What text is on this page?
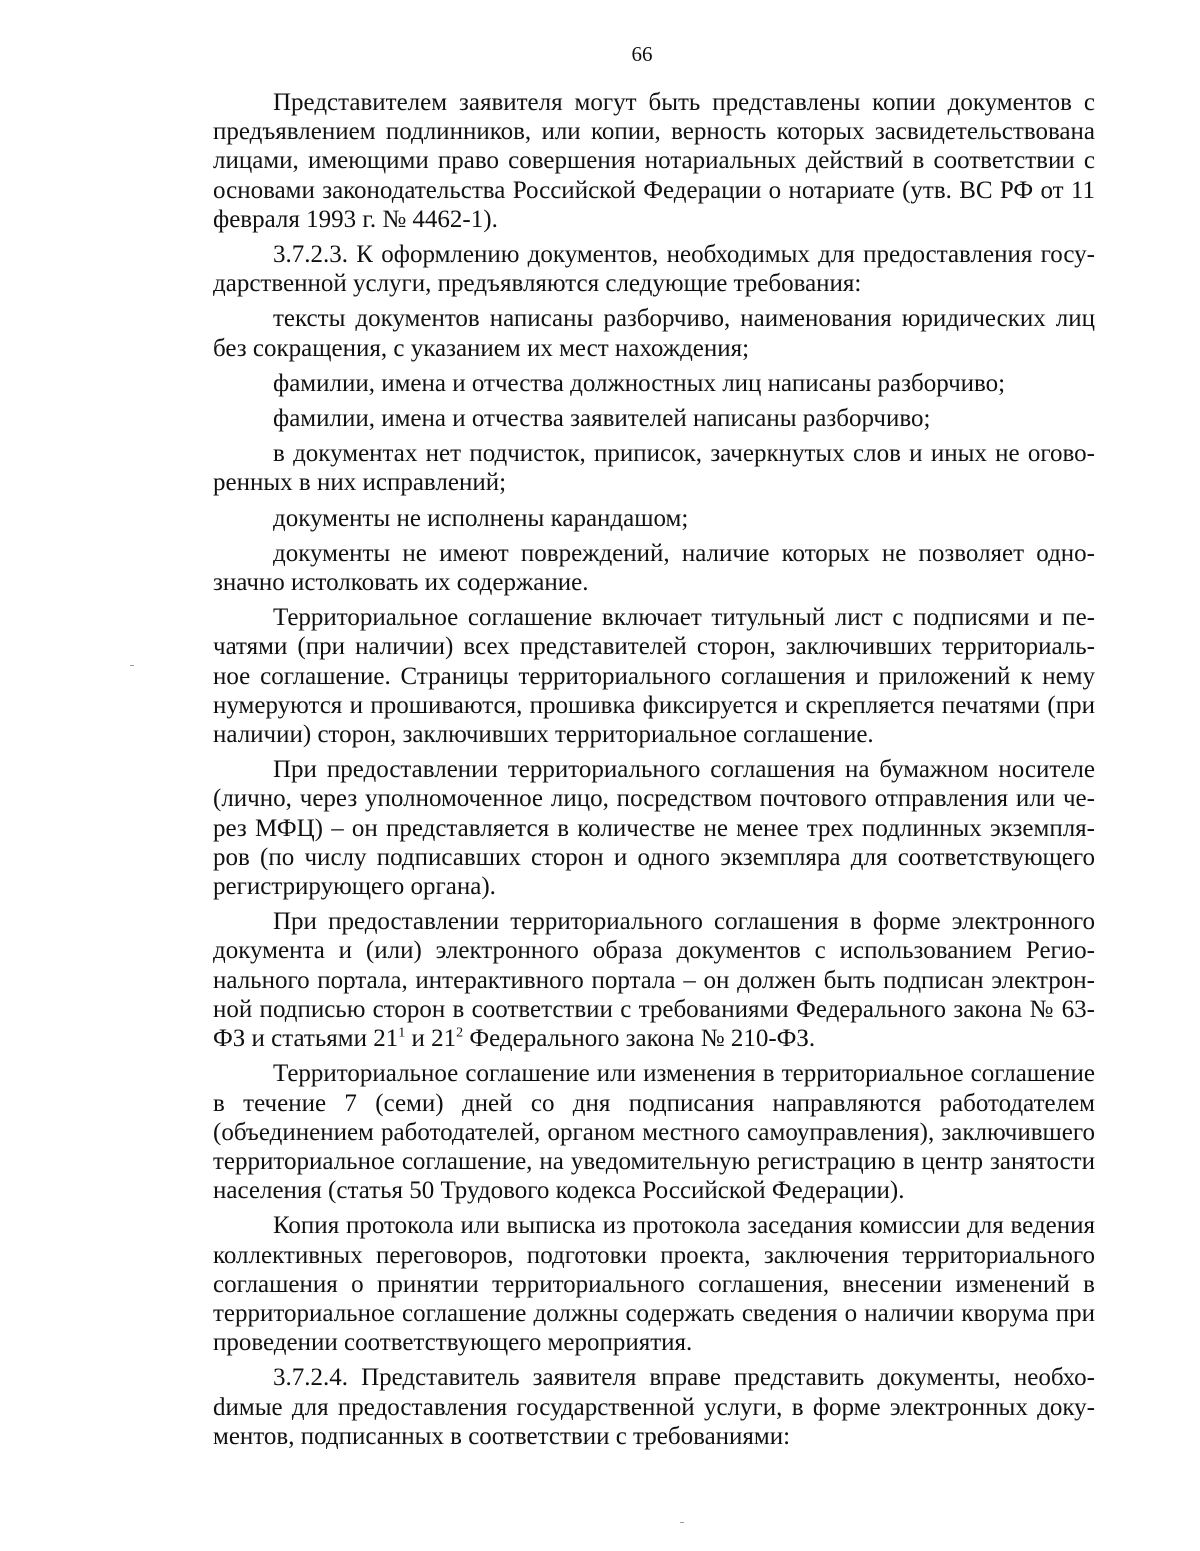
66

Представителем заявителя могут быть представлены копии документов с предъявлением подлинников, или копии, верность которых засвидетельствована лицами, имеющими право совершения нотариальных действий в соответствии с основами законодательства Российской Федерации о нотариате (утв. ВС РФ от 11 февраля 1993 г. № 4462-1).

3.7.2.3. К оформлению документов, необходимых для предоставления государственной услуги, предъявляются следующие требования:

тексты документов написаны разборчиво, наименования юридических лиц без сокращения, с указанием их мест нахождения;

фамилии, имена и отчества должностных лиц написаны разборчиво;

фамилии, имена и отчества заявителей написаны разборчиво;

в документах нет подчисток, приписок, зачеркнутых слов и иных не оговоренных в них исправлений;

документы не исполнены карандашом;

документы не имеют повреждений, наличие которых не позволяет однозначно истолковать их содержание.

Территориальное соглашение включает титульный лист с подписями и печатями (при наличии) всех представителей сторон, заключивших территориальное соглашение. Страницы территориального соглашения и приложений к нему нумеруются и прошиваются, прошивка фиксируется и скрепляется печатями (при наличии) сторон, заключивших территориальное соглашение.

При предоставлении территориального соглашения на бумажном носителе (лично, через уполномоченное лицо, посредством почтового отправления или через МФЦ) – он представляется в количестве не менее трех подлинных экземпляров (по числу подписавших сторон и одного экземпляра для соответствующего регистрирующего органа).

При предоставлении территориального соглашения в форме электронного документа и (или) электронного образа документов с использованием Регионального портала, интерактивного портала – он должен быть подписан электронной подписью сторон в соответствии с требованиями Федерального закона № 63-ФЗ и статьями $21^1$ и $21^2$ Федерального закона № 210-ФЗ.

Территориальное соглашение или изменения в территориальное соглашение в течение 7 (семи) дней со дня подписания направляются работодателем (объединением работодателей, органом местного самоуправления), заключившего территориальное соглашение, на уведомительную регистрацию в центр занятости населения (статья 50 Трудового кодекса Российской Федерации).

Копия протокола или выписка из протокола заседания комиссии для ведения коллективных переговоров, подготовки проекта, заключения территориального соглашения о принятии территориального соглашения, внесении изменений в территориальное соглашение должны содержать сведения о наличии кворума при проведении соответствующего мероприятия.

3.7.2.4. Представитель заявителя вправе представить документы, необхоdимые для предоставления государственной услуги, в форме электронных документов, подписанных в соответствии с требованиями:
